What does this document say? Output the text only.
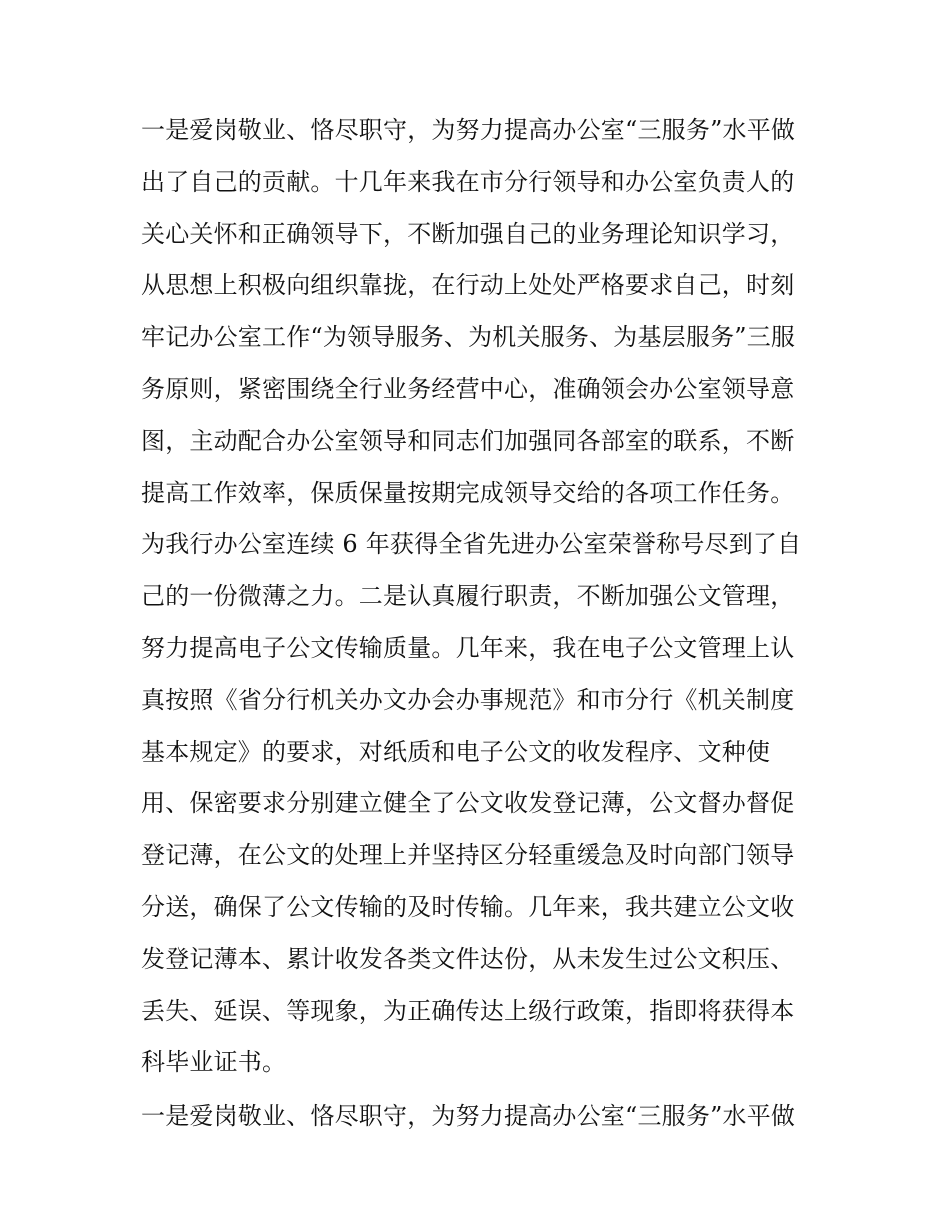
一是爱岗敬业、恪尽职守，为努力提高办公室“三服务”水平做
出了自己的贡献。十几年来我在市分行领导和办公室负责人的
关心关怀和正确领导下，不断加强自己的业务理论知识学习，
从思想上积极向组织靠拢，在行动上处处严格要求自己，时刻
牢记办公室工作“为领导服务、为机关服务、为基层服务”三服
务原则，紧密围绕全行业务经营中心，准确领会办公室领导意
图，主动配合办公室领导和同志们加强同各部室的联系，不断
提高工作效率，保质保量按期完成领导交给的各项工作任务。
为我行办公室连续 6 年获得全省先进办公室荣誉称号尽到了自
己的一份微薄之力。二是认真履行职责，不断加强公文管理，
努力提高电子公文传输质量。几年来，我在电子公文管理上认
真按照《省分行机关办文办会办事规范》和市分行《机关制度
基本规定》的要求，对纸质和电子公文的收发程序、文种使
用、保密要求分别建立健全了公文收发登记薄，公文督办督促
登记薄，在公文的处理上并坚持区分轻重缓急及时向部门领导
分送，确保了公文传输的及时传输。几年来，我共建立公文收
发登记薄本、累计收发各类文件达份，从未发生过公文积压、
丢失、延误、等现象，为正确传达上级行政策，指即将获得本
科毕业证书。
一是爱岗敬业、恪尽职守，为努力提高办公室“三服务”水平做
